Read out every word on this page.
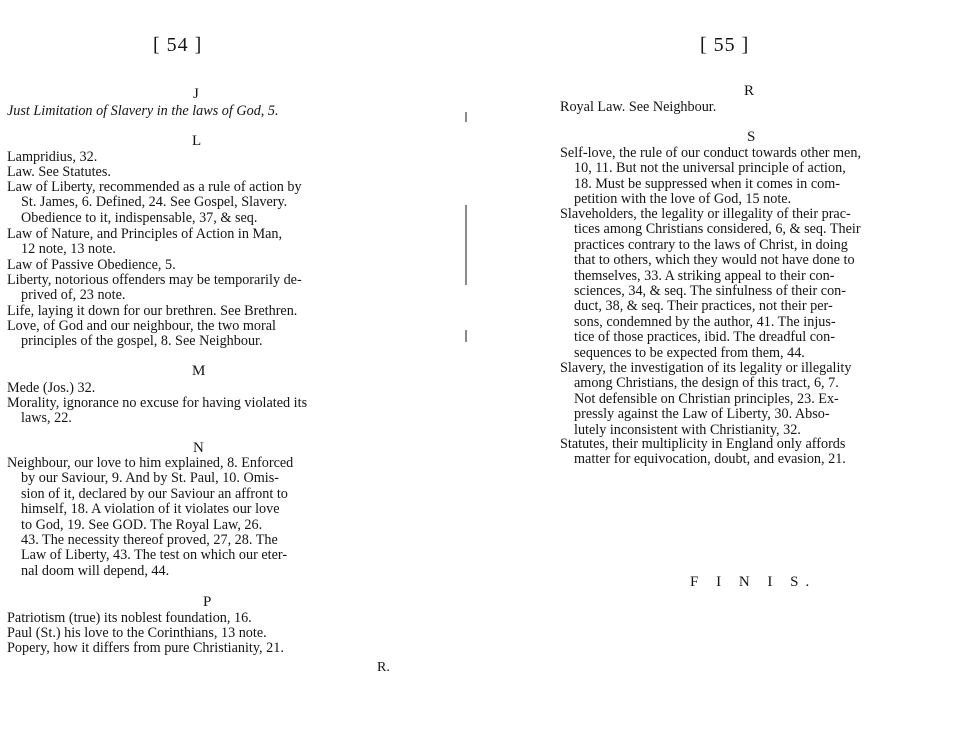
[ 54 ]
J
Just Limitation of Slavery in the laws of God, 5.
L
Lampridius, 32.
Law. See Statutes.
Law of Liberty, recommended as a rule of action by
St. James, 6. Defined, 24. See Gospel, Slavery.
Obedience to it, indispensable, 37, & seq.
Law of Nature, and Principles of Action in Man,
12 note, 13 note.
Law of Passive Obedience, 5.
Liberty, notorious offenders may be temporarily de-
prived of, 23 note.
Life, laying it down for our brethren. See Brethren.
Love, of God and our neighbour, the two moral
principles of the gospel, 8. See Neighbour.
M
Mede (Jos.) 32.
Morality, ignorance no excuse for having violated its
laws, 22.
N
Neighbour, our love to him explained, 8. Enforced
by our Saviour, 9. And by St. Paul, 10. Omis-
sion of it, declared by our Saviour an affront to
himself, 18. A violation of it violates our love
to God, 19. See GOD. The Royal Law, 26.
43. The necessity thereof proved, 27, 28. The
Law of Liberty, 43. The test on which our eter-
nal doom will depend, 44.
P
Patriotism (true) its noblest foundation, 16.
Paul (St.) his love to the Corinthians, 13 note.
Popery, how it differs from pure Christianity, 21.
R.
[ 55 ]
R
Royal Law. See Neighbour.
S
Self-love, the rule of our conduct towards other men,
10, 11. But not the universal principle of action,
18. Must be suppressed when it comes in com-
petition with the love of God, 15 note.
Slaveholders, the legality or illegality of their prac-
tices among Christians considered, 6, & seq. Their
practices contrary to the laws of Christ, in doing
that to others, which they would not have done to
themselves, 33. A striking appeal to their con-
sciences, 34, & seq. The sinfulness of their con-
duct, 38, & seq. Their practices, not their per-
sons, condemned by the author, 41. The injus-
tice of those practices, ibid. The dreadful con-
sequences to be expected from them, 44.
Slavery, the investigation of its legality or illegality
among Christians, the design of this tract, 6, 7.
Not defensible on Christian principles, 23. Ex-
pressly against the Law of Liberty, 30. Abso-
lutely inconsistent with Christianity, 32.
Statutes, their multiplicity in England only affords
matter for equivocation, doubt, and evasion, 21.
F I N I S.
